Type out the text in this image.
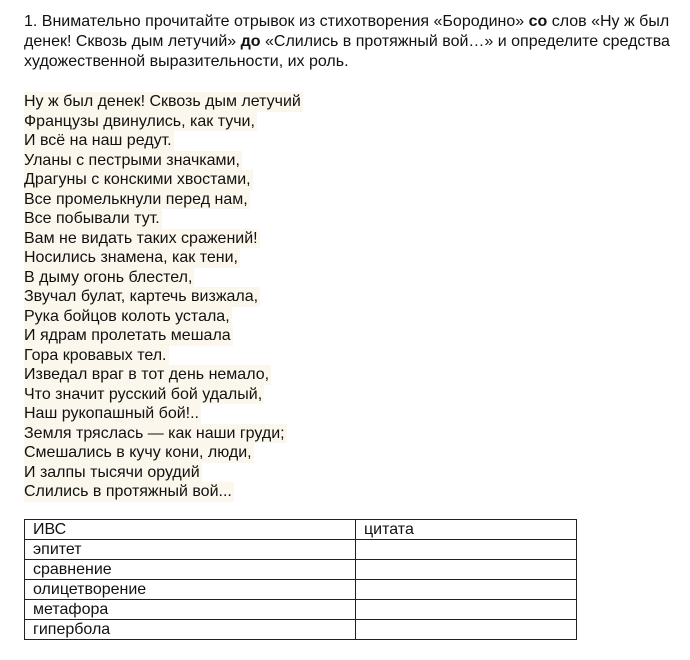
1. Внимательно прочитайте отрывок из стихотворения «Бородино» со слов «Ну ж был денек! Сквозь дым летучий» до «Слились в протяжный вой…» и определите средства художественной выразительности, их роль.
Ну ж был денек! Сквозь дым летучий
Французы двинулись, как тучи,
И всё на наш редут.
Уланы с пестрыми значками,
Драгуны с конскими хвостами,
Все промелькнули перед нам,
Все побывали тут.
Вам не видать таких сражений!
Носились знамена, как тени,
В дыму огонь блестел,
Звучал булат, картечь визжала,
Рука бойцов колоть устала,
И ядрам пролетать мешала
Гора кровавых тел.
Изведал враг в тот день немало,
Что значит русский бой удалый,
Наш рукопашный бой!..
Земля тряслась — как наши груди;
Смешались в кучу кони, люди,
И залпы тысячи орудий
Слились в протяжный вой...
ИВС	цитата
эпитет	
сравнение	
олицетворение	
метафора	
гипербола	
